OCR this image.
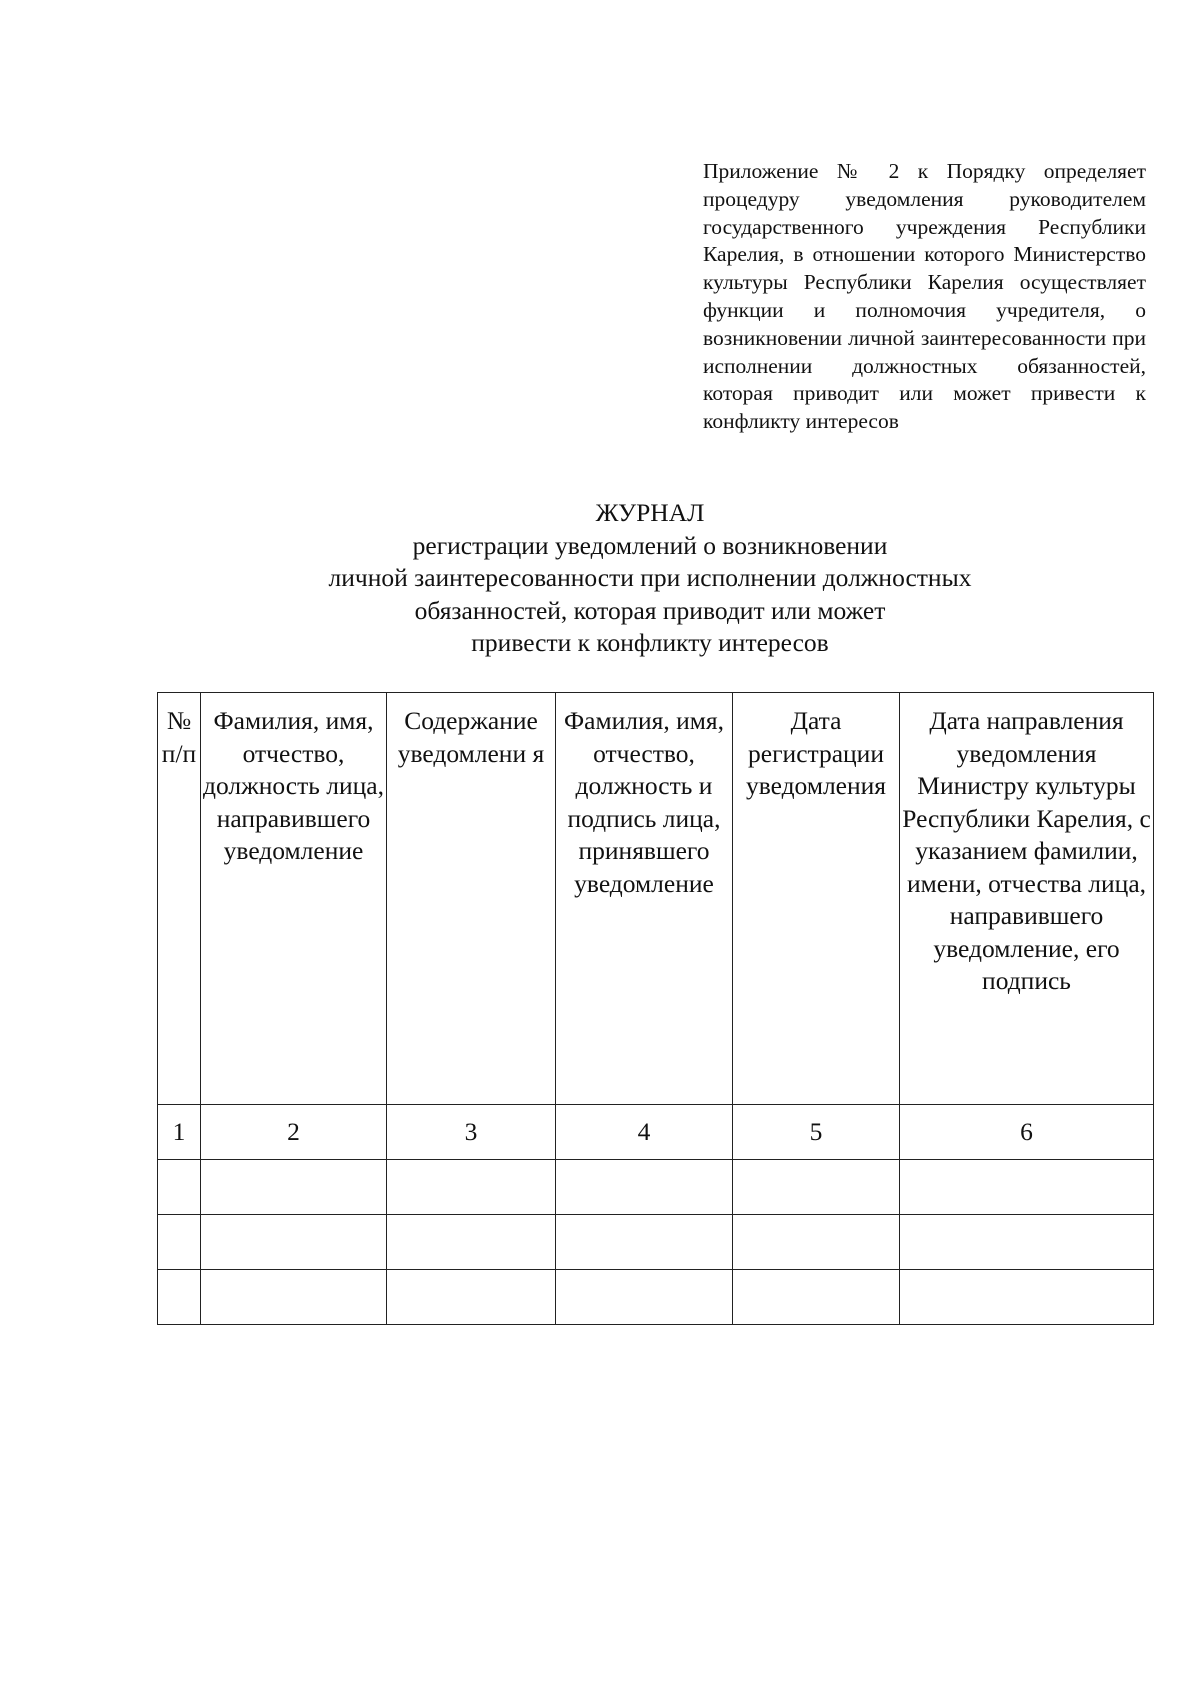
Приложение № 2 к Порядку определяет процедуру уведомления руководителем государственного учреждения Республики Карелия, в отношении которого Министерство культуры Республики Карелия осуществляет функции и полномочия учредителя, о возникновении личной заинтересованности при исполнении должностных обязанностей, которая приводит или может привести к конфликту интересов
ЖУРНАЛ
регистрации уведомлений о возникновении
личной заинтересованности при исполнении должностных
обязанностей, которая приводит или может
привести к конфликту интересов
№ п/п	Фамилия, имя, отчество, должность лица, направившего уведомление	Содержание уведомлени я	Фамилия, имя, отчество, должность и подпись лица, принявшего уведомление	Дата регистрации уведомления	Дата направления уведомления Министру культуры Республики Карелия, с указанием фамилии, имени, отчества лица, направившего уведомление, его подпись

1	2	3	4	5	6
